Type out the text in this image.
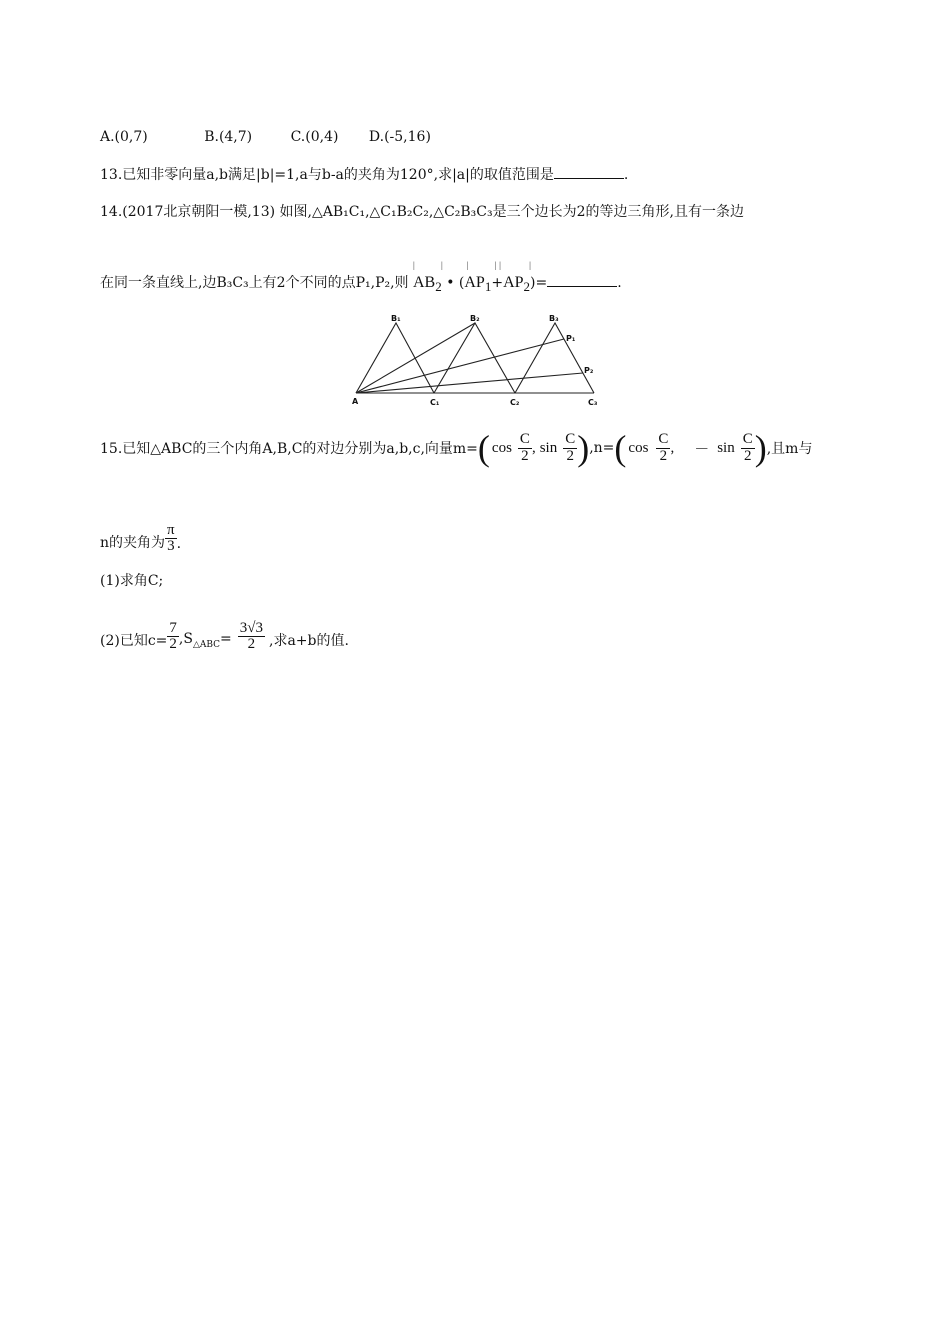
A.(0,7)	B.(4,7)	C.(0,4) D.(-5,16)
13.已知非零向量a,b满足|b|=1,a与b-a的夹角为120°,求|a|的取值范围是	.
14.(2017北京朝阳一模,13) 如图,△AB₁C₁,△C₁B₂C₂,△C₂B₃C₃是三个边长为2的等边三角形,且有一条边
在同一条直线上,边B₃C₃上有2个不同的点P₁,P₂,则
|	|
$AB_2$ • (
|	|
$AP_1+$
|	|
$AP_2)=$	.
A
B₁	B₂	B₃
C₁	C₂	C₃
P₁
P₂
15.已知△ABC的三个内角A,B,C的对边分别为a,b,c,向量m= ( $\cos \frac{C}{2}$ , $\sin \frac{C}{2}$ ) ,n= ( $\cos \frac{C}{2}$ , － $\sin \frac{C}{2}$ ) ,且m与
n的夹角为 $\frac{\pi}{3}$ .
(1)求角C;
(2)已知$c= \frac{7}{2} ,S_{\triangle ABC}= \frac{3√3}{2}$ ,求a+b的值.
